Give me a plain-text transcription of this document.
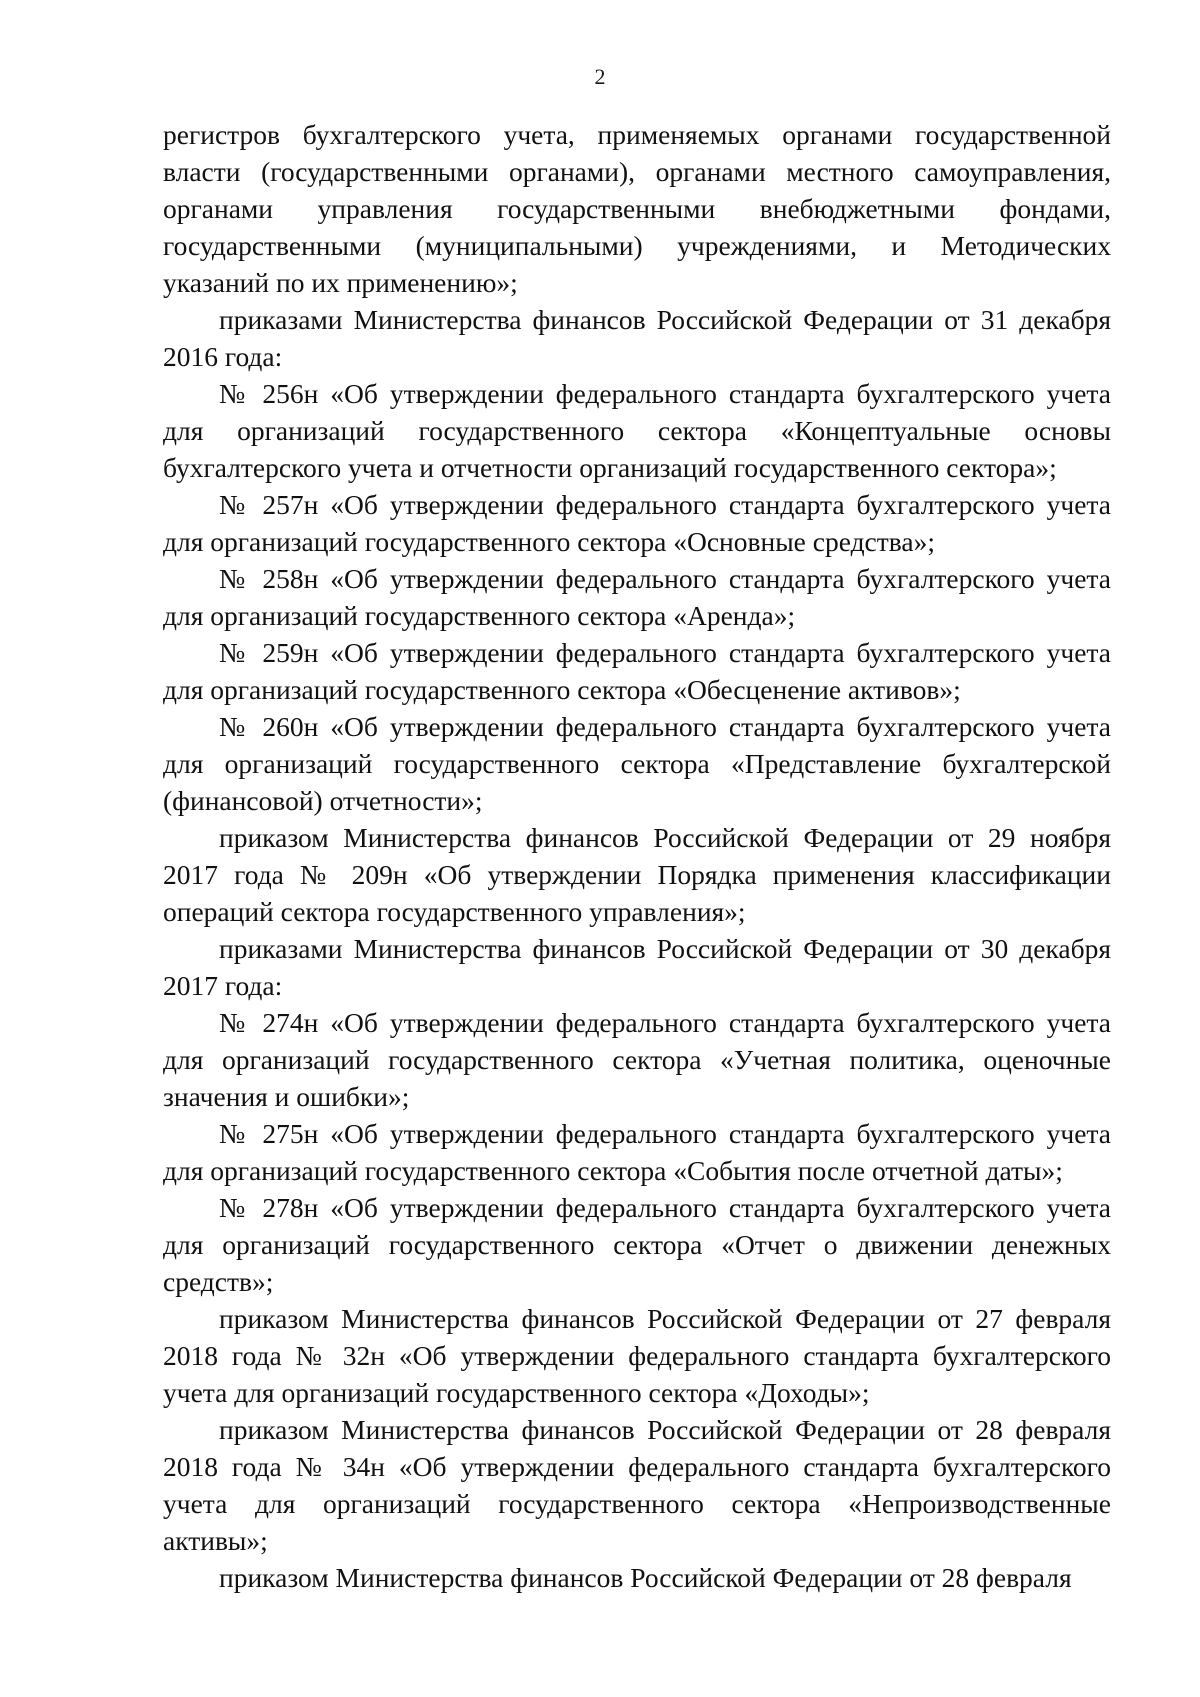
2

регистров бухгалтерского учета, применяемых органами государственной власти (государственными органами), органами местного самоуправления, органами управления государственными внебюджетными фондами, государственными (муниципальными) учреждениями, и Методических указаний по их применению»;

приказами Министерства финансов Российской Федерации от 31 декабря 2016 года:

№ 256н «Об утверждении федерального стандарта бухгалтерского учета для организаций государственного сектора «Концептуальные основы бухгалтерского учета и отчетности организаций государственного сектора»;

№ 257н «Об утверждении федерального стандарта бухгалтерского учета для организаций государственного сектора «Основные средства»;

№ 258н «Об утверждении федерального стандарта бухгалтерского учета для организаций государственного сектора «Аренда»;

№ 259н «Об утверждении федерального стандарта бухгалтерского учета для организаций государственного сектора «Обесценение активов»;

№ 260н «Об утверждении федерального стандарта бухгалтерского учета для организаций государственного сектора «Представление бухгалтерской (финансовой) отчетности»;

приказом Министерства финансов Российской Федерации от 29 ноября 2017 года № 209н «Об утверждении Порядка применения классификации операций сектора государственного управления»;

приказами Министерства финансов Российской Федерации от 30 декабря 2017 года:

№ 274н «Об утверждении федерального стандарта бухгалтерского учета для организаций государственного сектора «Учетная политика, оценочные значения и ошибки»;

№ 275н «Об утверждении федерального стандарта бухгалтерского учета для организаций государственного сектора «События после отчетной даты»;

№ 278н «Об утверждении федерального стандарта бухгалтерского учета для организаций государственного сектора «Отчет о движении денежных средств»;

приказом Министерства финансов Российской Федерации от 27 февраля 2018 года № 32н «Об утверждении федерального стандарта бухгалтерского учета для организаций государственного сектора «Доходы»;

приказом Министерства финансов Российской Федерации от 28 февраля 2018 года № 34н «Об утверждении федерального стандарта бухгалтерского учета для организаций государственного сектора «Непроизводственные активы»;

приказом Министерства финансов Российской Федерации от 28 февраля
